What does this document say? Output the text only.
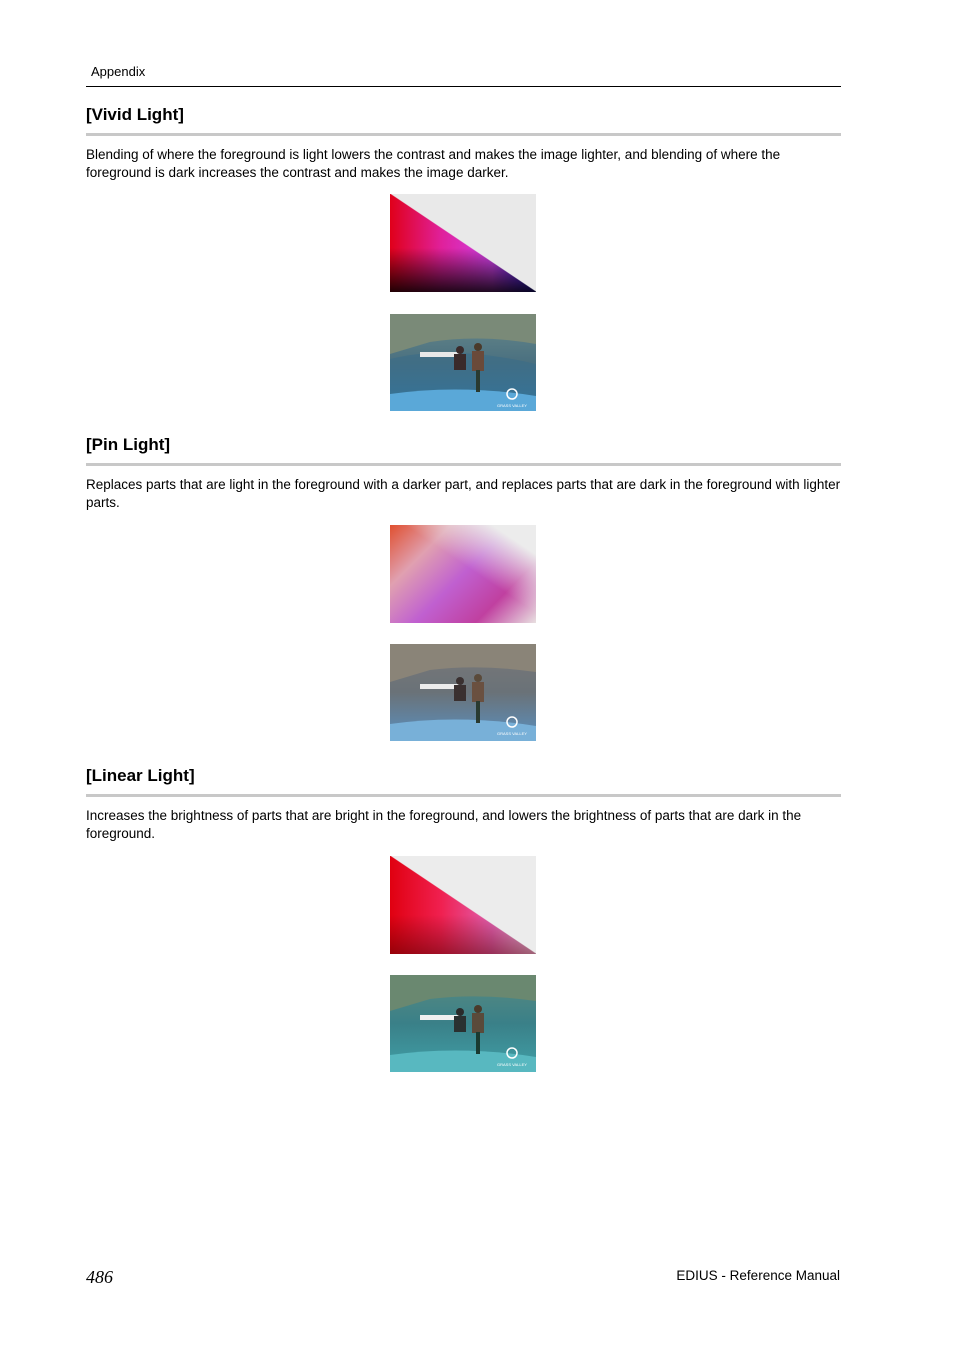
Appendix
[Vivid Light]

Blending of where the foreground is light lowers the contrast and makes the image lighter, and blending of where the foreground is dark increases the contrast and makes the image darker.

GRASS VALLEY
[Pin Light]

Replaces parts that are light in the foreground with a darker part, and replaces parts that are dark in the foreground with lighter parts.

GRASS VALLEY
[Linear Light]

Increases the brightness of parts that are bright in the foreground, and lowers the brightness of parts that are dark in the foreground.

GRASS VALLEY
486	EDIUS - Reference Manual
